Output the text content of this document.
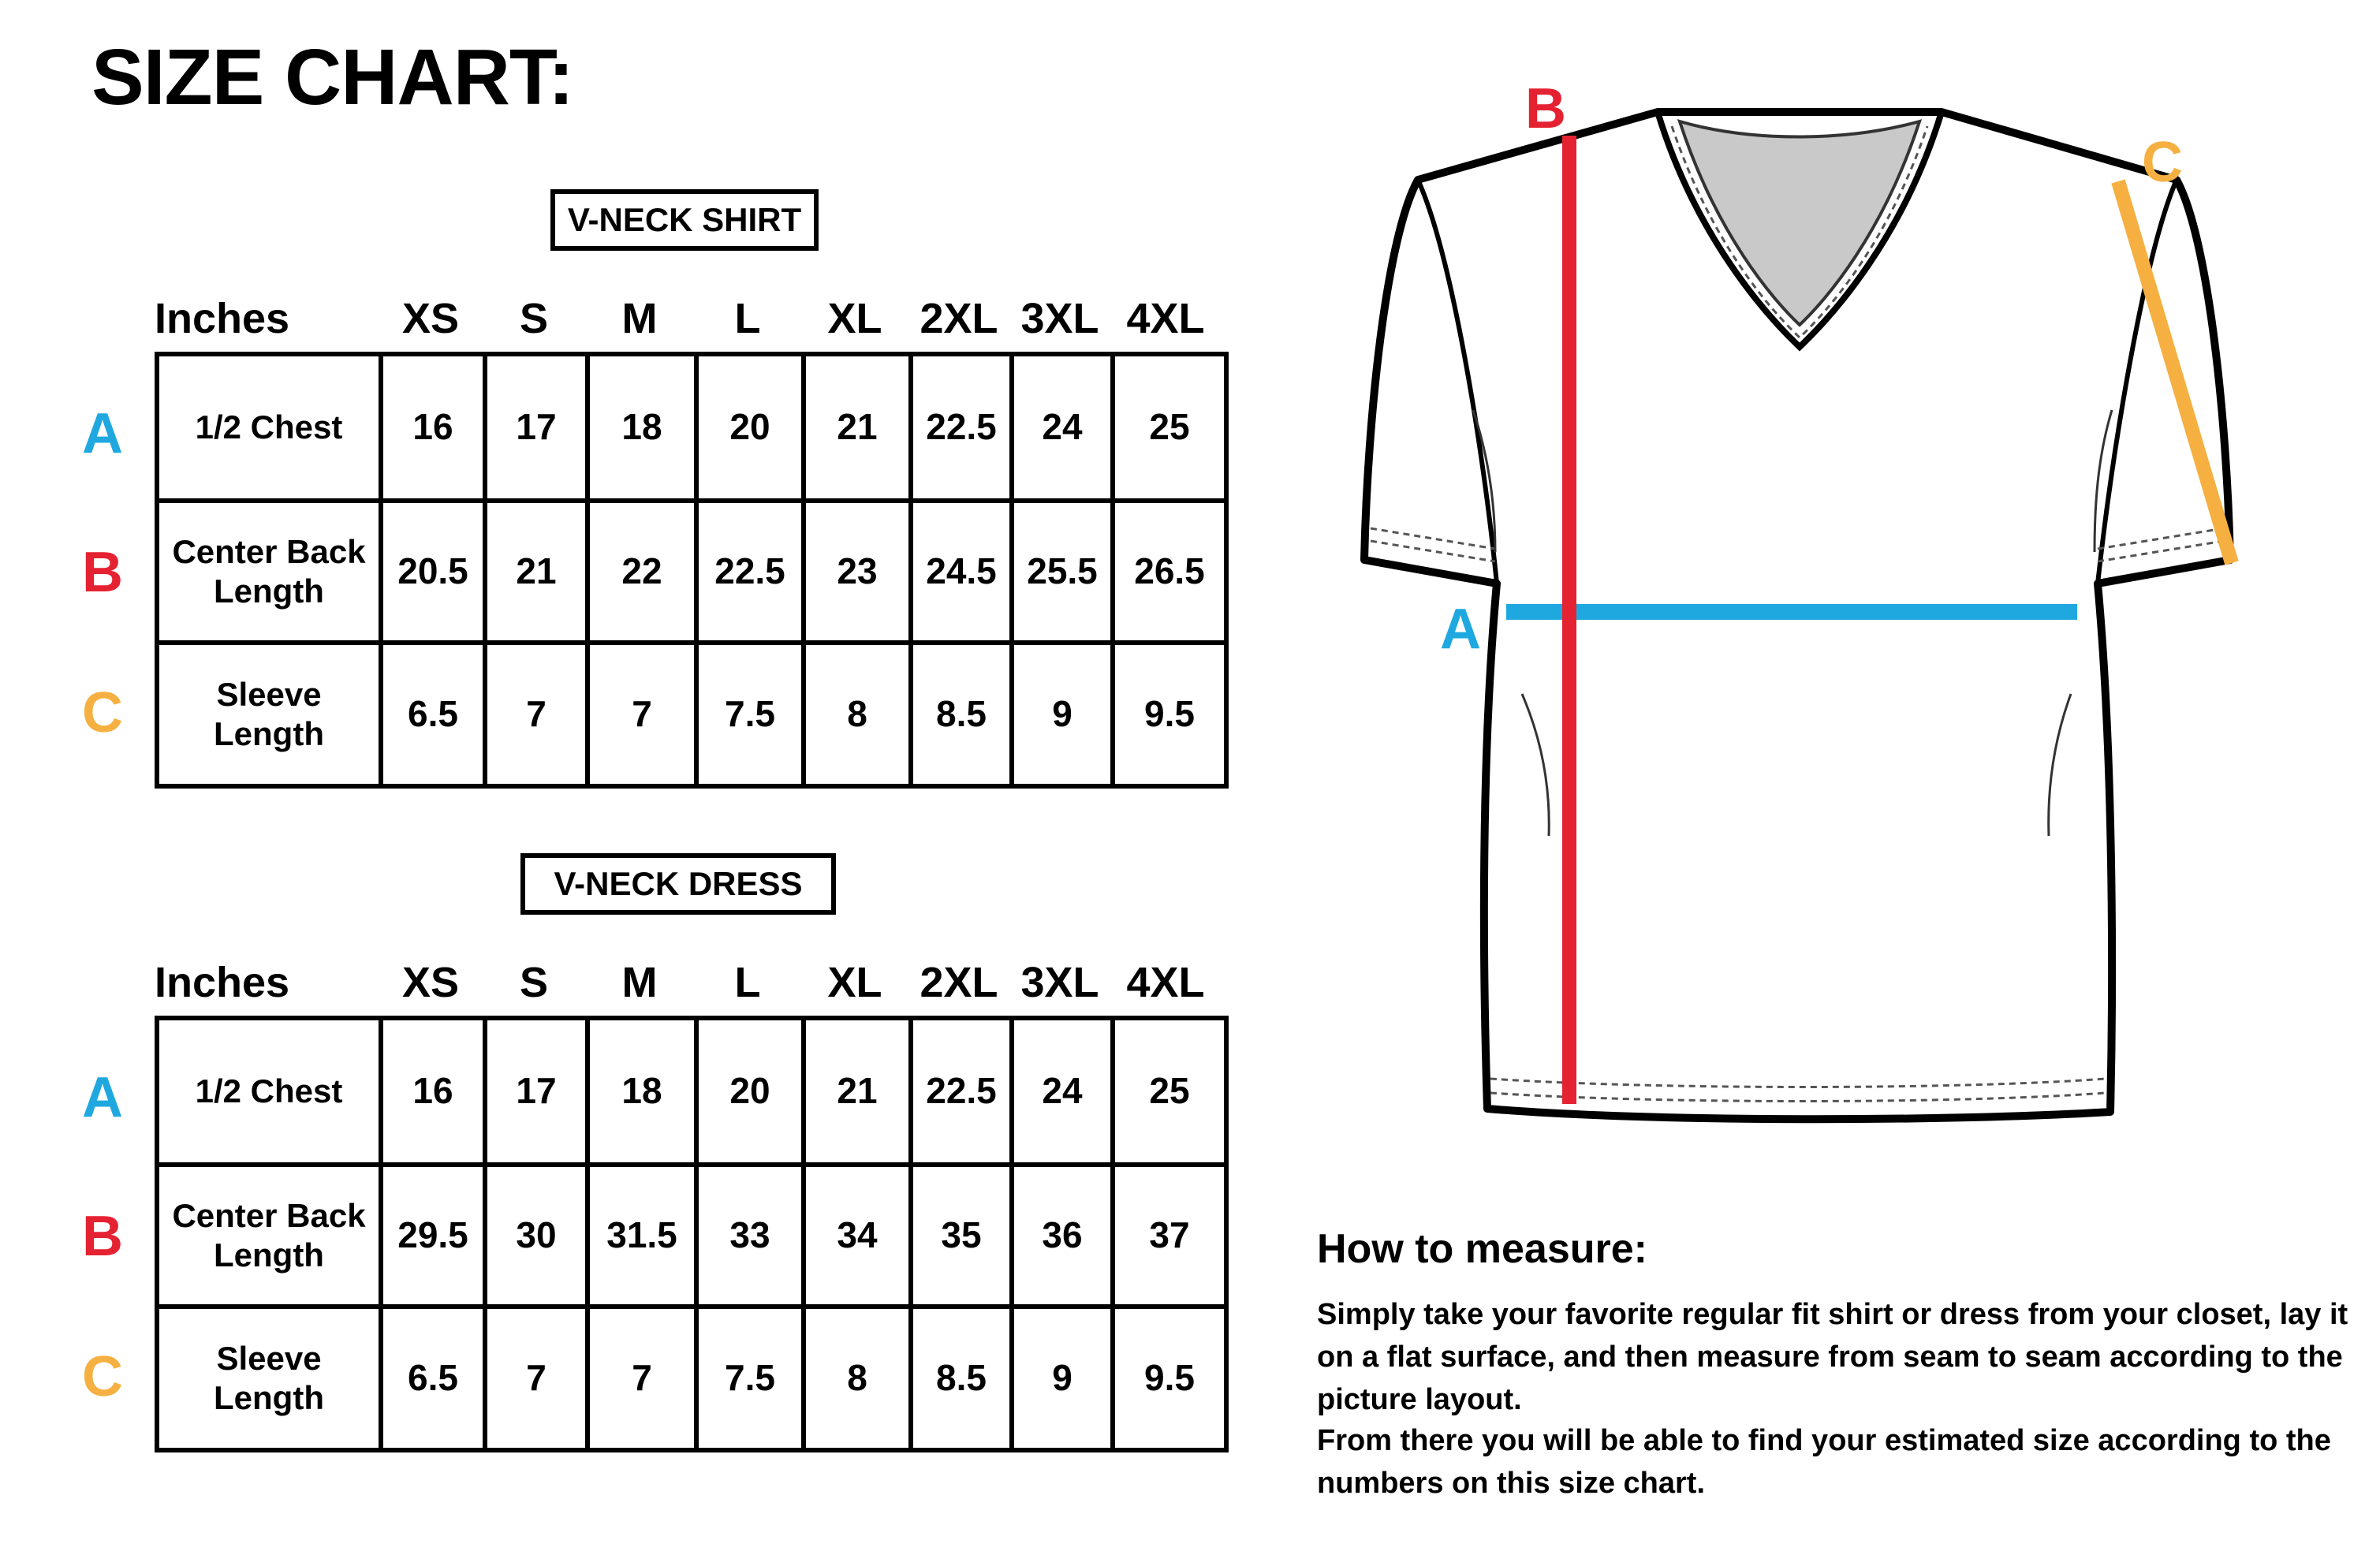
SIZE CHART:
V-NECK SHIRT
Inches	XS	S	M	L	XL 2XL 3XL 4XL
A
B
C
1/2 Chest	16	17	18	20	21	22.5	24	25
Center Back
Length	20.5	21	22	22.5	23	24.5 25.5	26.5
Sleeve
Length	6.5	7	7	7.5	8	8.5	9	9.5
V-NECK DRESS
Inches	XS	S	M	L	XL 2XL 3XL 4XL
A
B
C
1/2 Chest	16	17	18	20	21	22.5	24	25
Center Back
Length	29.5	30	31.5	33	34	35	36	37
Sleeve
Length	6.5	7	7	7.5	8	8.5	9	9.5
B
C
A
How to measure:
Simply take your favorite regular fit shirt or dress from your closet, lay it on a flat surface, and then measure from seam to seam according to the picture layout.
From there you will be able to find your estimated size according to the numbers on this size chart.
